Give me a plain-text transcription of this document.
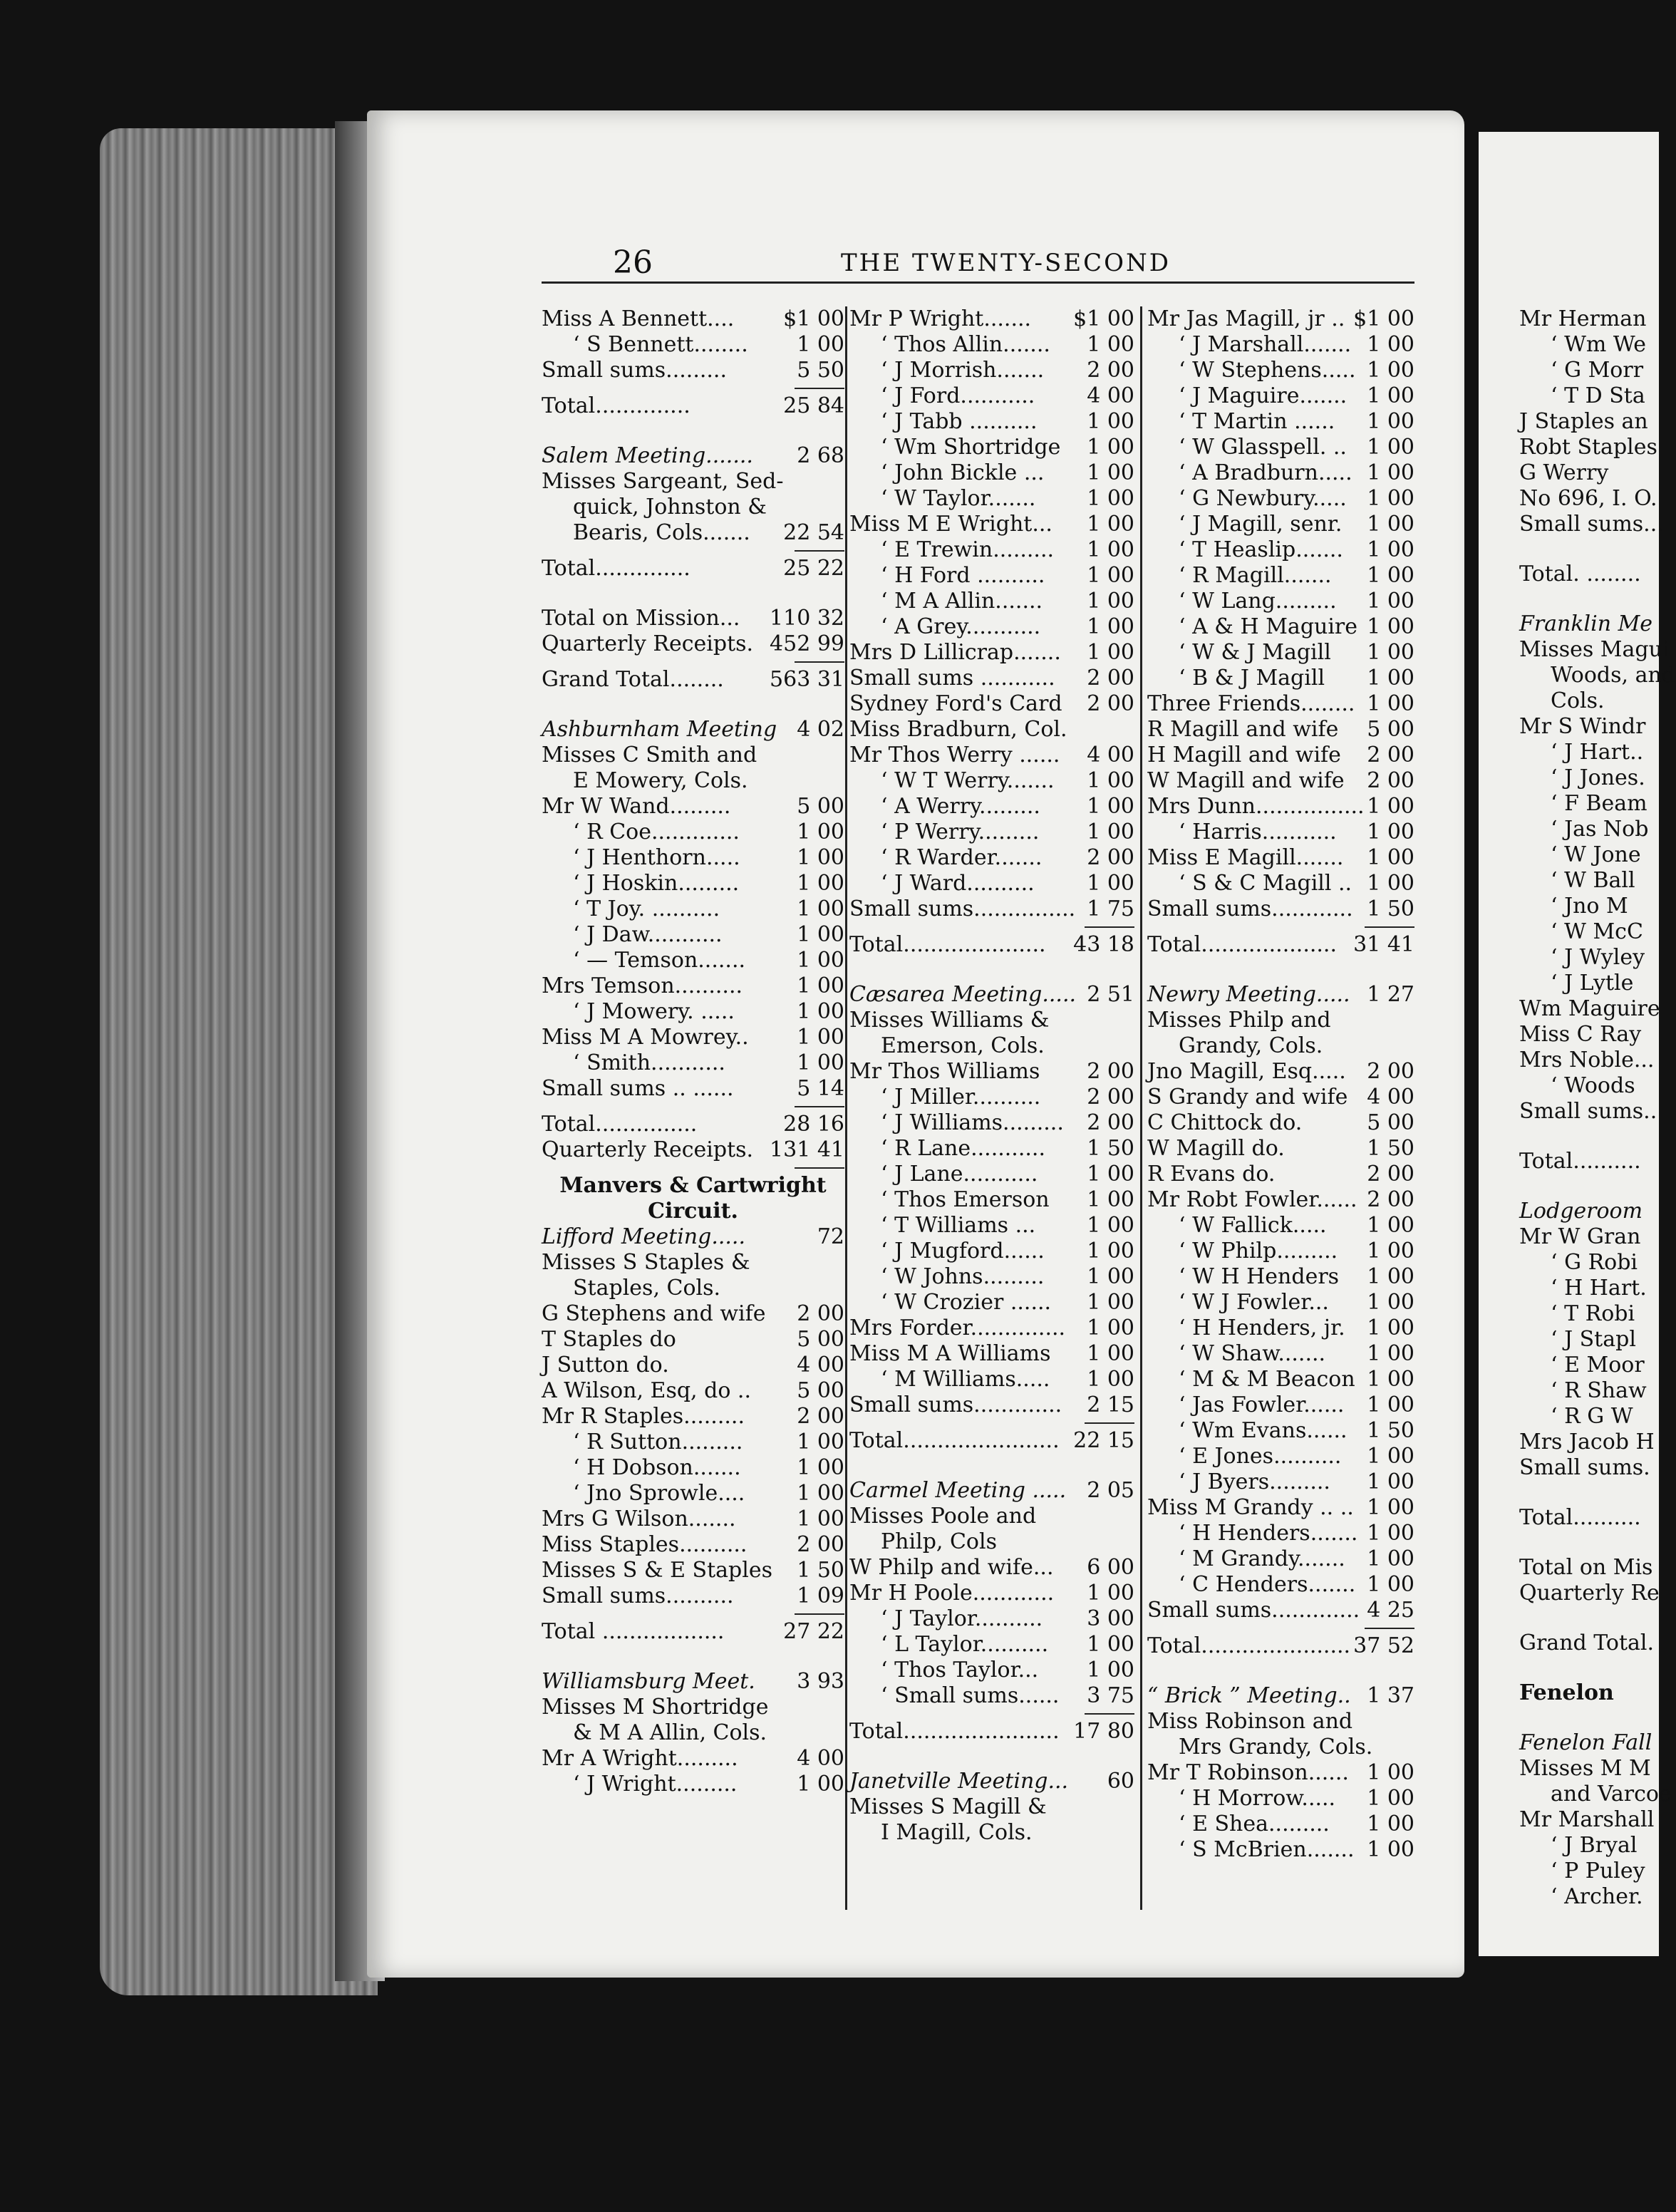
26	THE TWENTY-SECOND
Miss A Bennett.... $1 00
‘ S Bennett........ 1 00
Small sums.........	5 50
Total..............	25 84
Salem Meeting....... 2 68
Misses Sargeant, Sed-
quick, Johnston &
Bearis, Cols....... 22 54
Total..............	25 22
Total on Mission... 110 32
Quarterly Receipts. 452 99
Grand Total........ 563 31
Ashburnham Meeting 4 02
Misses C Smith and
E Mowery, Cols.
Mr W Wand.........	5 00
‘ R Coe.............	1 00
‘ J Henthorn.....	1 00
‘ J Hoskin.........	1 00
‘ T Joy. ..........	1 00
‘ J Daw...........	1 00
‘ — Temson....... 1 00
Mrs Temson..........	1 00
‘ J Mowery. .....	1 00
Miss M A Mowrey.. 1 00
‘ Smith...........	1 00
Small sums .. ......	5 14
Total...............	28 16
Quarterly Receipts. 131 41
Manvers & Cartwright
Circuit.
Lifford Meeting.....	72
Misses S Staples &
Staples, Cols.
G Stephens and wife 2 00
T Staples do	5 00
J Sutton do.	4 00
A Wilson, Esq, do .. 5 00
Mr R Staples......... 2 00
‘ R Sutton.........	1 00
‘ H Dobson.......	1 00
‘ Jno Sprowle.... 1 00
Mrs G Wilson.......	1 00
Miss Staples.......... 2 00
Misses S & E Staples 1 50
Small sums..........	1 09
Total ..................	27 22
Williamsburg Meet. 3 93
Misses M Shortridge
& M A Allin, Cols.
Mr A Wright.........	4 00
‘ J Wright.........	1 00
Mr P Wright....... $1 00
‘ Thos Allin....... 1 00
‘ J Morrish....... 2 00
‘ J Ford........... 4 00
‘ J Tabb .......... 1 00
‘ Wm Shortridge 1 00
‘ John Bickle ... 1 00
‘ W Taylor....... 1 00
Miss M E Wright... 1 00
‘ E Trewin......... 1 00
‘ H Ford .......... 1 00
‘ M A Allin....... 1 00
‘ A Grey........... 1 00
Mrs D Lillicrap....... 1 00
Small sums ........... 2 00
Sydney Ford's Card 2 00
Miss Bradburn, Col.
Mr Thos Werry ...... 4 00
‘ W T Werry....... 1 00
‘ A Werry......... 1 00
‘ P Werry......... 1 00
‘ R Warder....... 2 00
‘ J Ward.......... 1 00
Small sums............... 1 75
Total..................... 43 18
Cæsarea Meeting..... 2 51
Misses Williams &
Emerson, Cols.
Mr Thos Williams 2 00
‘ J Miller.......... 2 00
‘ J Williams......... 2 00
‘ R Lane........... 1 50
‘ J Lane........... 1 00
‘ Thos Emerson 1 00
‘ T Williams ... 1 00
‘ J Mugford...... 1 00
‘ W Johns......... 1 00
‘ W Crozier ...... 1 00
Mrs Forder.............. 1 00
Miss M A Williams 1 00
‘ M Williams..... 1 00
Small sums............. 2 15
Total....................... 22 15
Carmel Meeting ..... 2 05
Misses Poole and
Philp, Cols
W Philp and wife... 6 00
Mr H Poole............ 1 00
‘ J Taylor.......... 3 00
‘ L Taylor.......... 1 00
‘ Thos Taylor... 1 00
‘ Small sums...... 3 75
Total....................... 17 80
Janetville Meeting... 60
Misses S Magill &
I Magill, Cols.
Mr Jas Magill, jr .. $1 00
‘ J Marshall....... 1 00
‘ W Stephens..... 1 00
‘ J Maguire....... 1 00
‘ T Martin ...... 1 00
‘ W Glasspell. .. 1 00
‘ A Bradburn..... 1 00
‘ G Newbury..... 1 00
‘ J Magill, senr. 1 00
‘ T Heaslip....... 1 00
‘ R Magill....... 1 00
‘ W Lang......... 1 00
‘ A & H Maguire 1 00
‘ W & J Magill 1 00
‘ B & J Magill 1 00
Three Friends........ 1 00
R Magill and wife 5 00
H Magill and wife 2 00
W Magill and wife 2 00
Mrs Dunn................ 1 00
‘ Harris........... 1 00
Miss E Magill....... 1 00
‘ S & C Magill .. 1 00
Small sums............ 1 50
Total.................... 31 41
Newry Meeting..... 1 27
Misses Philp and
Grandy, Cols.
Jno Magill, Esq..... 2 00
S Grandy and wife 4 00
C Chittock do.	5 00
W Magill do.	1 50
R Evans do.	2 00
Mr Robt Fowler...... 2 00
‘ W Fallick..... 1 00
‘ W Philp......... 1 00
‘ W H Henders 1 00
‘ W J Fowler... 1 00
‘ H Henders, jr. 1 00
‘ W Shaw....... 1 00
‘ M & M Beacon 1 00
‘ Jas Fowler...... 1 00
‘ Wm Evans...... 1 50
‘ E Jones.......... 1 00
‘ J Byers......... 1 00
Miss M Grandy .. .. 1 00
‘ H Henders....... 1 00
‘ M Grandy....... 1 00
‘ C Henders....... 1 00
Small sums............. 4 25
Total...................... 37 52
“ Brick ” Meeting.. 1 37
Miss Robinson and
Mrs Grandy, Cols.
Mr T Robinson...... 1 00
‘ H Morrow..... 1 00
‘ E Shea......... 1 00
‘ S McBrien....... 1 00
Mr Herman
‘ Wm We
‘ G Morr
‘ T D Sta
J Staples an
Robt Staples
G Werry
No 696, I. O.
Small sums...
Total. ........
Franklin Me
Misses Magui
Woods, and
Cols.
Mr S Windr
‘ J Hart..
‘ J Jones.
‘ F Beam
‘ Jas Nob
‘ W Jone
‘ W Ball
‘ Jno M
‘ W McC
‘ J Wyley
‘ J Lytle
Wm Maguire
Miss C Ray
Mrs Noble...
‘ Woods
Small sums..
Total..........
Lodgeroom
Mr W Gran
‘ G Robi
‘ H Hart.
‘ T Robi
‘ J Stapl
‘ E Moor
‘ R Shaw
‘ R G W
Mrs Jacob H
Small sums.
Total..........
Total on Mis
Quarterly Re
Grand Total.
Fenelon
Fenelon Fall
Misses M M
and Varcoe
Mr Marshall
‘ J Bryal
‘ P Puley
‘ Archer.
